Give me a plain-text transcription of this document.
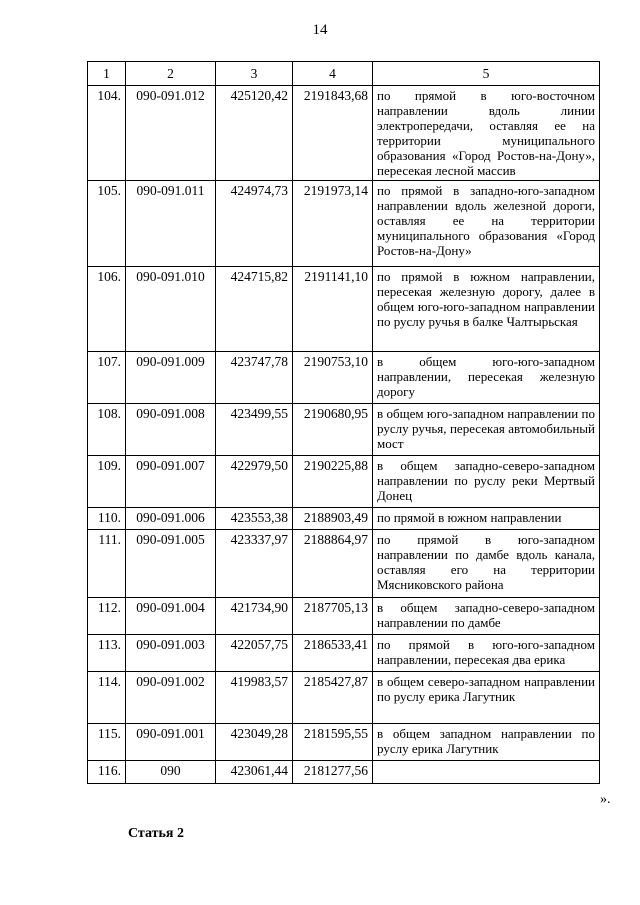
14
1	2	3	4	5
104.	090-091.012	425120,42	2191843,68	по прямой в юго-восточном направлении вдоль линии электропередачи, оставляя ее на территории муниципального образования «Город Ростов-на-Дону», пересекая лесной массив
105.	090-091.011	424974,73	2191973,14	по прямой в западно-юго-западном направлении вдоль железной дороги, оставляя ее на территории муниципального образования «Город Ростов-на-Дону»
106.	090-091.010	424715,82	2191141,10	по прямой в южном направлении, пересекая железную дорогу, далее в общем юго-юго-западном направлении по руслу ручья в балке Чалтырьская
107.	090-091.009	423747,78	2190753,10	в общем юго-юго-западном направлении, пересекая железную дорогу
108.	090-091.008	423499,55	2190680,95	в общем юго-западном направлении по руслу ручья, пересекая автомобильный мост
109.	090-091.007	422979,50	2190225,88	в общем западно-северо-западном направлении по руслу реки Мертвый Донец
110.	090-091.006	423553,38	2188903,49	по прямой в южном направлении
111.	090-091.005	423337,97	2188864,97	по прямой в юго-западном направлении по дамбе вдоль канала, оставляя его на территории Мясниковского района
112.	090-091.004	421734,90	2187705,13	в общем западно-северо-западном направлении по дамбе
113.	090-091.003	422057,75	2186533,41	по прямой в юго-юго-западном направлении, пересекая два ерика
114.	090-091.002	419983,57	2185427,87	в общем северо-западном направлении по руслу ерика Лагутник
115.	090-091.001	423049,28	2181595,55	в общем западном направлении по руслу ерика Лагутник
116.	090	423061,44	2181277,56	
».
Статья 2
